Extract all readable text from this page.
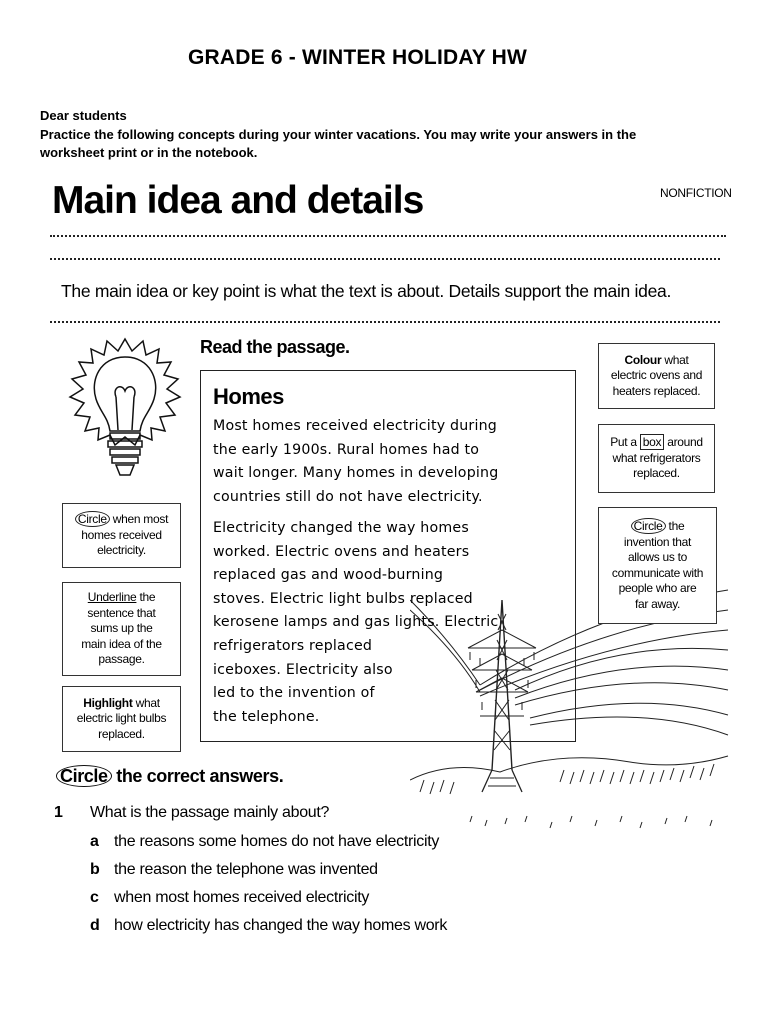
GRADE 6 - WINTER HOLIDAY HW
Dear students
Practice the following concepts during your winter vacations. You may write your answers in the
worksheet print or in the notebook.
Main idea and details	NONFICTION
The main idea or key point is what the text is about. Details support the main idea.
Read the passage.
Homes
Most homes received electricity during
the early 1900s. Rural homes had to
wait longer. Many homes in developing
countries still do not have electricity.
Electricity changed the way homes
worked. Electric ovens and heaters
replaced gas and wood-burning
stoves. Electric light bulbs replaced
kerosene lamps and gas lights. Electric
refrigerators replaced
iceboxes. Electricity also
led to the invention of
the telephone.
Circle when most
homes received
electricity.
Underline the
sentence that
sums up the
main idea of the
passage.
Highlight what
electric light bulbs
replaced.
Colour what
electric ovens and
heaters replaced.
Put a box around
what refrigerators
replaced.
Circle the
invention that
allows us to
communicate with
people who are
far away.
Circle the correct answers.
1 What is the passage mainly about?
a the reasons some homes do not have electricity
b the reason the telephone was invented
c when most homes received electricity
d how electricity has changed the way homes work
